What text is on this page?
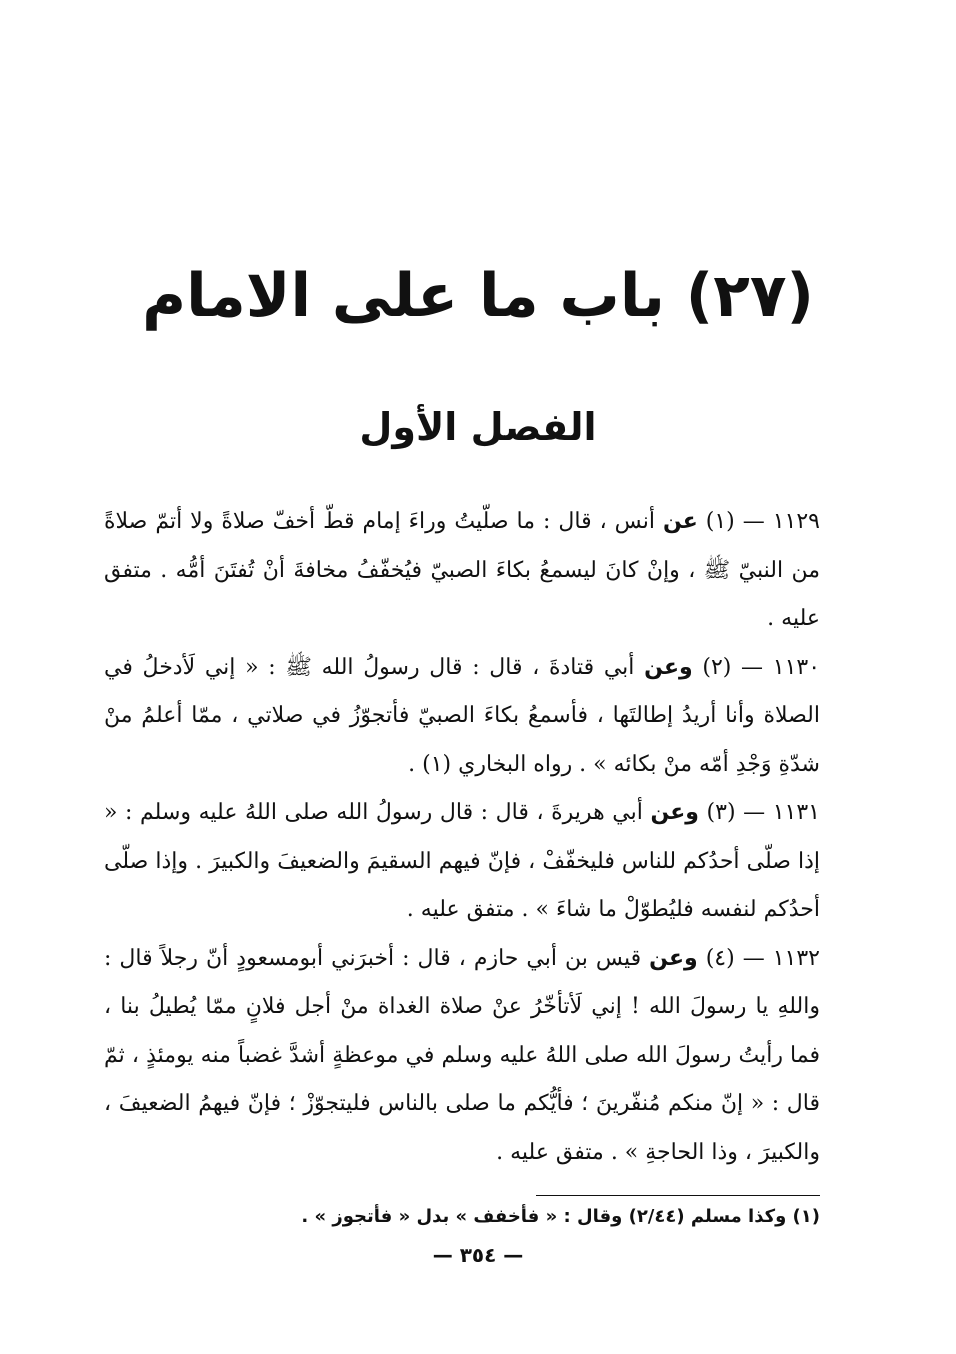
(٢٧) باب ما على الامام
الفصل الأول

١١٢٩ — (١) عن أنس ، قال : ما صلّيتُ وراءَ إمام قطّ أخفّ صلاةً ولا أتمّ صلاةً من النبيّ ﷺ ، وإنْ كانَ ليسمعُ بكاءَ الصبيّ فيُخفّفُ مخافةَ أنْ تُفتَنَ أمُّه . متفق عليه .

١١٣٠ — (٢) وعن أبي قتادةَ ، قال : قال رسولُ الله ﷺ : « إني لَأدخلُ في الصلاة وأنا أريدُ إطالتَها ، فأسمعُ بكاءَ الصبيّ فأتجوّزُ في صلاتي ، ممّا أعلمُ منْ شدّةِ وَجْدِ أمّه منْ بكائه » . رواه البخاري (١) .

١١٣١ — (٣) وعن أبي هريرةَ ، قال : قال رسولُ الله صلى اللهُ عليه وسلم : « إذا صلّى أحدُكم للناس فليخفّفْ ، فإنّ فيهم السقيمَ والضعيفَ والكبيرَ . وإذا صلّى أحدُكم لنفسه فليُطوّلْ ما شاءَ » . متفق عليه .

١١٣٢ — (٤) وعن قيس بن أبي حازم ، قال : أخبرَني أبومسعودٍ أنّ رجلاً قال : واللهِ يا رسولَ الله ! إني لَأتأخّرُ عنْ صلاة الغداة منْ أجل فلانٍ ممّا يُطيلُ بنا ، فما رأيتُ رسولَ الله صلى اللهُ عليه وسلم في موعظةٍ أشدَّ غضباً منه يومئذٍ ، ثمّ قال : « إنّ منكم مُنفّرينَ ؛ فأيُّكم ما صلى بالناس فليتجوّزْ ؛ فإنّ فيهمُ الضعيفَ ، والكبيرَ ، وذا الحاجةِ » . متفق عليه .

(١) وكذا مسلم (٢/٤٤) وقال : « فأخفف » بدل « فأتجوز » .
— ٣٥٤ —
